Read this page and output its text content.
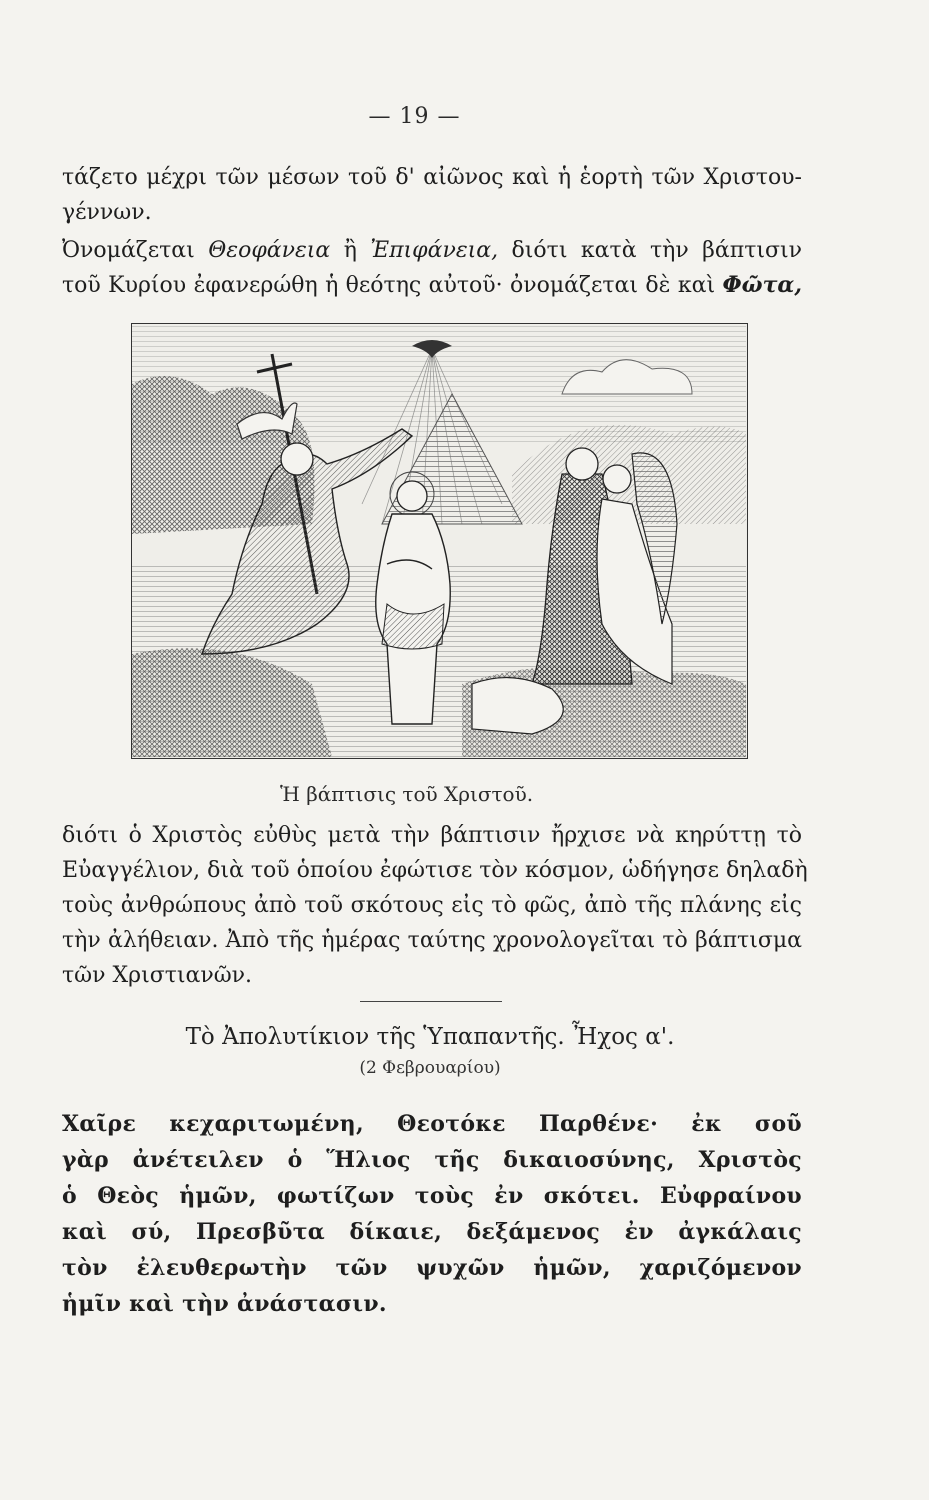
— 19 —
τάζετο μέχρι τῶν μέσων τοῦ δ' αἰῶνος καὶ ἡ ἑορτὴ τῶν Χριστου-
γέννων.
Ὀνομάζεται Θεοφάνεια ἢ Ἐπιφάνεια, διότι κατὰ τὴν βάπτισιν
τοῦ Κυρίου ἐφανερώθη ἡ θεότης αὐτοῦ· ὀνομάζεται δὲ καὶ Φῶτα,
Ἡ βάπτισις τοῦ Χριστοῦ.
διότι ὁ Χριστὸς εὐθὺς μετὰ τὴν βάπτισιν ἤρχισε νὰ κηρύττῃ τὸ
Εὐαγγέλιον, διὰ τοῦ ὁποίου ἐφώτισε τὸν κόσμον, ὡδήγησε δηλαδὴ
τοὺς ἀνθρώπους ἀπὸ τοῦ σκότους εἰς τὸ φῶς, ἀπὸ τῆς πλάνης εἰς
τὴν ἀλήθειαν. Ἀπὸ τῆς ἡμέρας ταύτης χρονολογεῖται τὸ βάπτισμα
τῶν Χριστιανῶν.
Τὸ Ἀπολυτίκιον τῆς Ὑπαπαντῆς. Ἦχος α'.
(2 Φεβρουαρίου)
Χαῖρε κεχαριτωμένη, Θεοτόκε Παρθένε· ἐκ σοῦ
γὰρ ἀνέτειλεν ὁ Ἥλιος τῆς δικαιοσύνης, Χριστὸς
ὁ Θεὸς ἡμῶν, φωτίζων τοὺς ἐν σκότει. Εὐφραίνου
καὶ σύ, Πρεσβῦτα δίκαιε, δεξάμενος ἐν ἀγκάλαις
τὸν ἐλευθερωτὴν τῶν ψυχῶν ἡμῶν, χαριζόμενον
ἡμῖν καὶ τὴν ἀνάστασιν.
